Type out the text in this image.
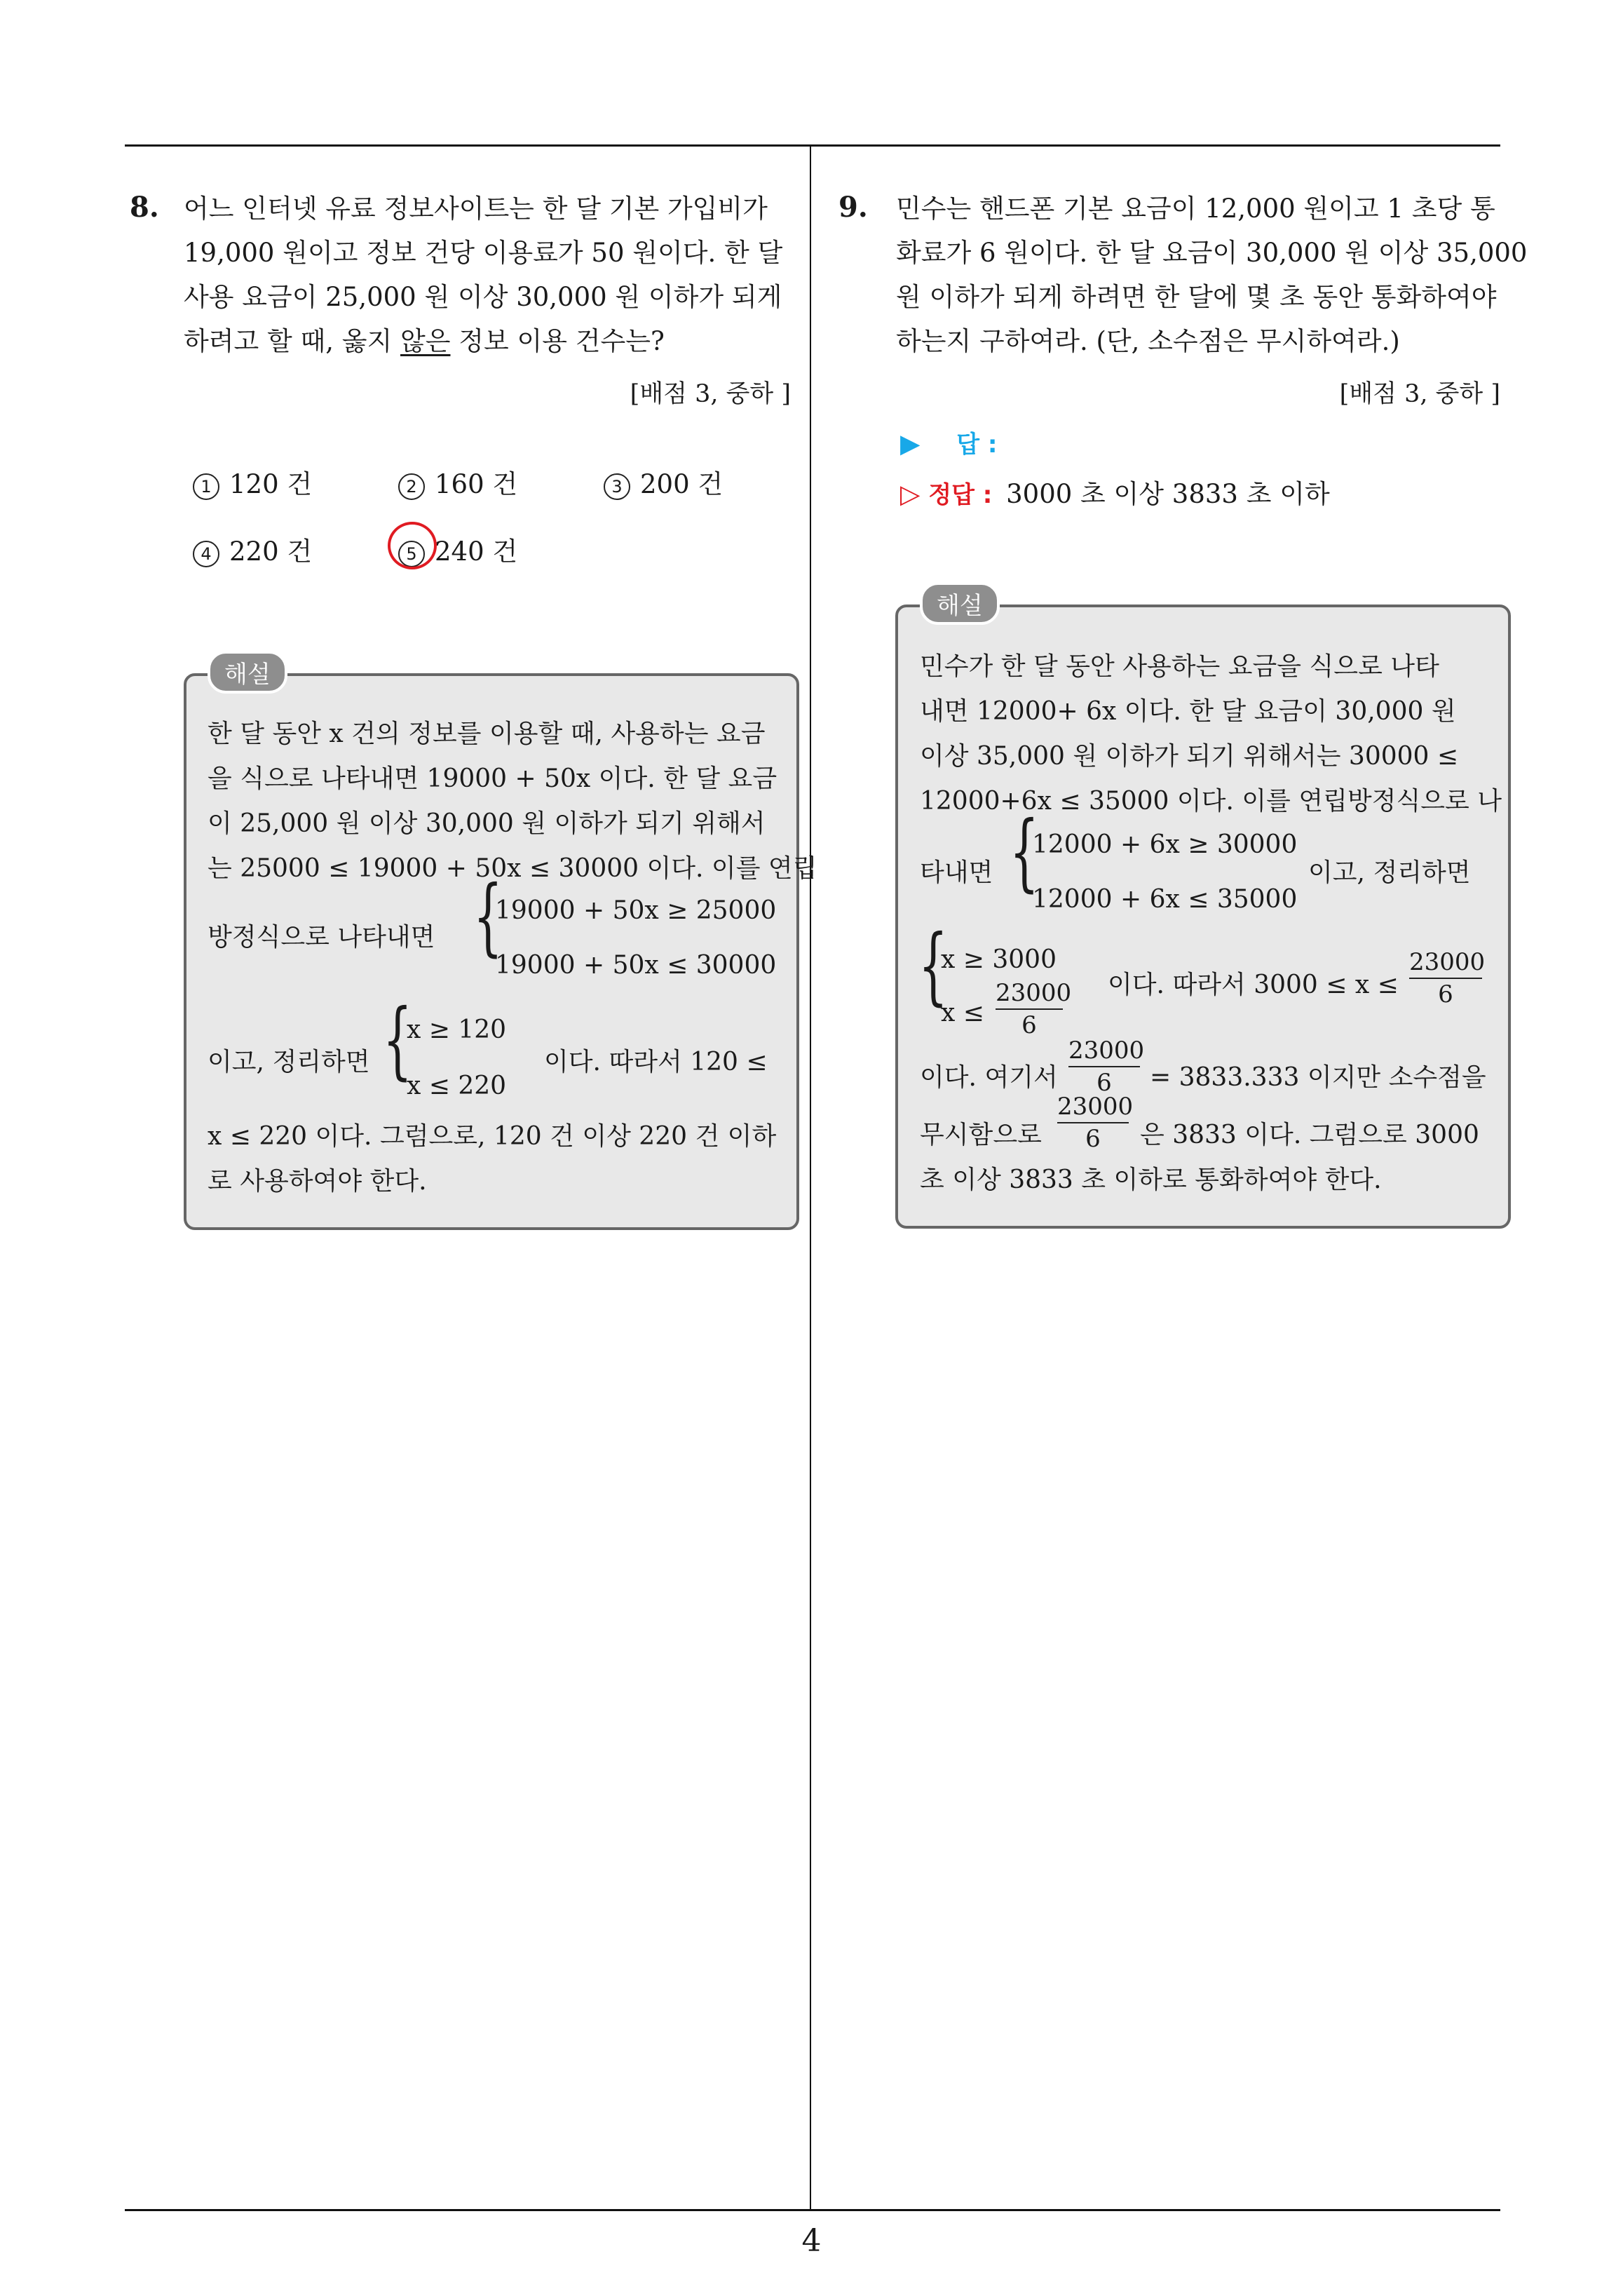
4
8. 어느 인터넷 유료 정보사이트는 한 달 기본 가입비가
19,000 원이고 정보 건당 이용료가 50 원이다. 한 달
사용 요금이 25,000 원 이상 30,000 원 이하가 되게
하려고 할 때, 옳지 않은 정보 이용 건수는?
[배점 3, 중하 ]
1 120 건	2 160 건	3 200 건
4 220 건	5 240 건
해설
한 달 동안 x 건의 정보를 이용할 때, 사용하는 요금
을 식으로 나타내면 19000 + 50x 이다. 한 달 요금
이 25,000 원 이상 30,000 원 이하가 되기 위해서
는 25000 ≤ 19000 + 50x ≤ 30000 이다. 이를 연립
방정식으로 나타내면 {
19000 + 50x ≥ 25000
19000 + 50x ≤ 30000
이고, 정리하면 {
x ≥ 120
x ≤ 220
이다. 따라서 120 ≤
x ≤ 220 이다. 그럼으로, 120 건 이상 220 건 이하
로 사용하여야 한다.
9. 민수는 핸드폰 기본 요금이 12,000 원이고 1 초당 통
화료가 6 원이다. 한 달 요금이 30,000 원 이상 35,000
원 이하가 되게 하려면 한 달에 몇 초 동안 통화하여야
하는지 구하여라. (단, 소수점은 무시하여라.)
[배점 3, 중하 ]
▶ 답 :
▷ 정답 : 3000 초 이상 3833 초 이하
해설
민수가 한 달 동안 사용하는 요금을 식으로 나타
내면 12000+ 6x 이다. 한 달 요금이 30,000 원
이상 35,000 원 이하가 되기 위해서는 30000 ≤
12000+6x ≤ 35000 이다. 이를 연립방정식으로 나
타내면 {
12000 + 6x ≥ 30000
12000 + 6x ≤ 35000
이고, 정리하면
{
x ≥ 3000
x ≤
23000
6
이다. 따라서 3000 ≤ x ≤
23000
6
이다. 여기서
23000
6	= 3833.333 이지만 소수점을
무시함으로
23000
6	은 3833 이다. 그럼으로 3000
초 이상 3833 초 이하로 통화하여야 한다.
